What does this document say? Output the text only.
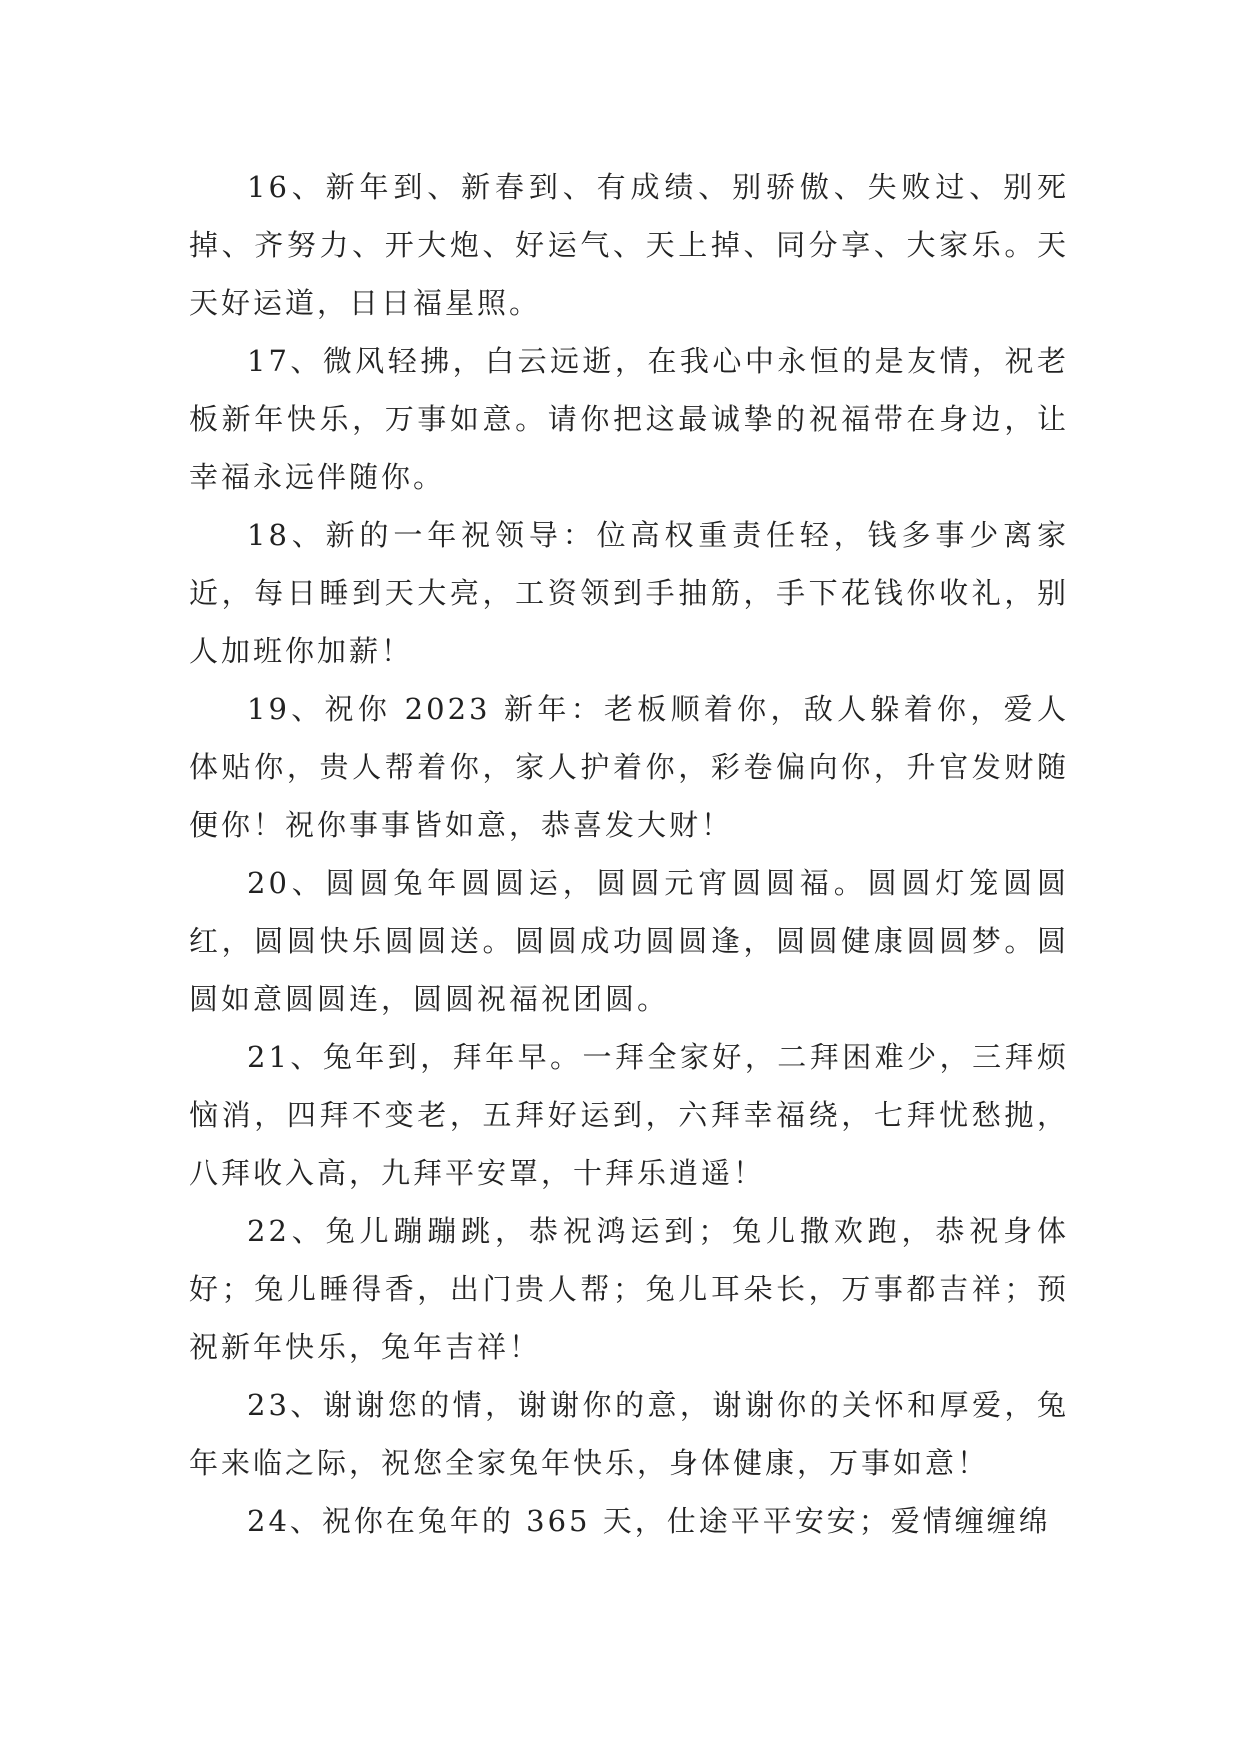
16、新年到、新春到、有成绩、别骄傲、失败过、别死掉、齐努力、开大炮、好运气、天上掉、同分享、大家乐。天天好运道，日日福星照。

17、微风轻拂，白云远逝，在我心中永恒的是友情，祝老板新年快乐，万事如意。请你把这最诚挚的祝福带在身边，让幸福永远伴随你。

18、新的一年祝领导：位高权重责任轻，钱多事少离家近，每日睡到天大亮，工资领到手抽筋，手下花钱你收礼，别人加班你加薪！

19、祝你 2023 新年：老板顺着你，敌人躲着你，爱人体贴你，贵人帮着你，家人护着你，彩卷偏向你，升官发财随便你！祝你事事皆如意，恭喜发大财！

20、圆圆兔年圆圆运，圆圆元宵圆圆福。圆圆灯笼圆圆红，圆圆快乐圆圆送。圆圆成功圆圆逢，圆圆健康圆圆梦。圆圆如意圆圆连，圆圆祝福祝团圆。

21、兔年到，拜年早。一拜全家好，二拜困难少，三拜烦恼消，四拜不变老，五拜好运到，六拜幸福绕，七拜忧愁抛，八拜收入高，九拜平安罩，十拜乐逍遥！

22、兔儿蹦蹦跳，恭祝鸿运到；兔儿撒欢跑，恭祝身体好；兔儿睡得香，出门贵人帮；兔儿耳朵长，万事都吉祥；预祝新年快乐，兔年吉祥！

23、谢谢您的情，谢谢你的意，谢谢你的关怀和厚爱，兔年来临之际，祝您全家兔年快乐，身体健康，万事如意！

24、祝你在兔年的 365 天，仕途平平安安；爱情缠缠绵
